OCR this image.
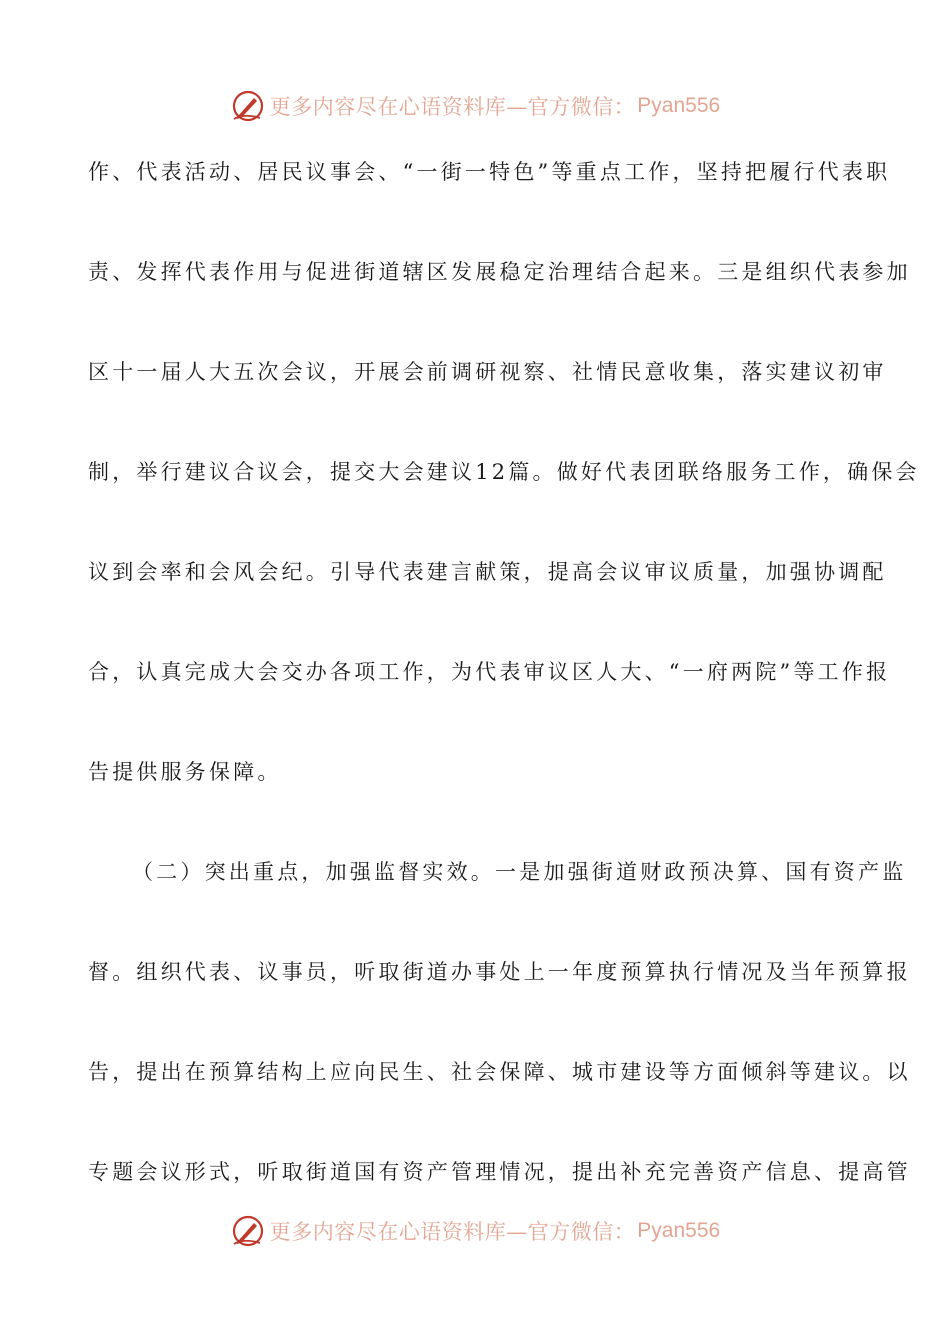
更多内容尽在心语资料库—官方微信： Pyan556
作、代表活动、居民议事会、“一街一特色”等重点工作，坚持把履行代表职
责、发挥代表作用与促进街道辖区发展稳定治理结合起来。三是组织代表参加
区十一届人大五次会议，开展会前调研视察、社情民意收集，落实建议初审
制，举行建议合议会，提交大会建议12篇。做好代表团联络服务工作，确保会
议到会率和会风会纪。引导代表建言献策，提高会议审议质量，加强协调配
合，认真完成大会交办各项工作，为代表审议区人大、“一府两院”等工作报
告提供服务保障。
（二）突出重点，加强监督实效。一是加强街道财政预决算、国有资产监
督。组织代表、议事员，听取街道办事处上一年度预算执行情况及当年预算报
告，提出在预算结构上应向民生、社会保障、城市建设等方面倾斜等建议。以
专题会议形式，听取街道国有资产管理情况，提出补充完善资产信息、提高管
更多内容尽在心语资料库—官方微信： Pyan556
